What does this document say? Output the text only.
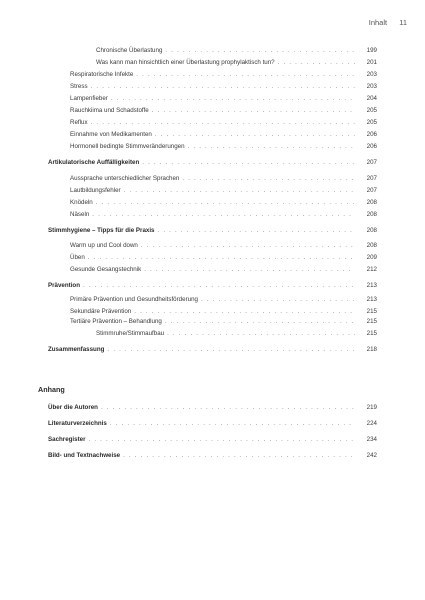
Inhalt 11
Chronische Überlastung . . .	199
Was kann man hinsichtlich einer Überlastung prophylaktisch tun? . . .	201
Respiratorische Infekte . . .	203
Stress . . .	203
Lampenfieber . . .	204
Rauchkiima und Schadstoffe . . .	205
Reflux . . .	205
Einnahme von Medikamenten . . .	206
Hormonell bedingte Stimmveränderungen . . .	206
Artikulatorische Auffälligkeiten . . .	207
Aussprache unterschiedlicher Sprachen . . .	207
Lautbildungsfehler . . .	207
Knödeln . . .	208
Näseln . . .	208
Stimmhygiene – Tipps für die Praxis . . .	208
Warm up und Cool down . . .	208
Üben . . .	209
Gesunde Gesangstechnik . . .	212
Prävention . . .	213
Primäre Prävention und Gesundheitsförderung . . .	213
Sekundäre Prävention . . .	215
Tertiäre Prävention – Behandlung . . .	215
Stimmruhe/Stimmaufbau . . .	215
Zusammenfassung . . .	218
Anhang
Über die Autoren . . .	219
Literaturverzeichnis . . .	224
Sachregister . . .	234
Bild- und Textnachweise . . .	242
